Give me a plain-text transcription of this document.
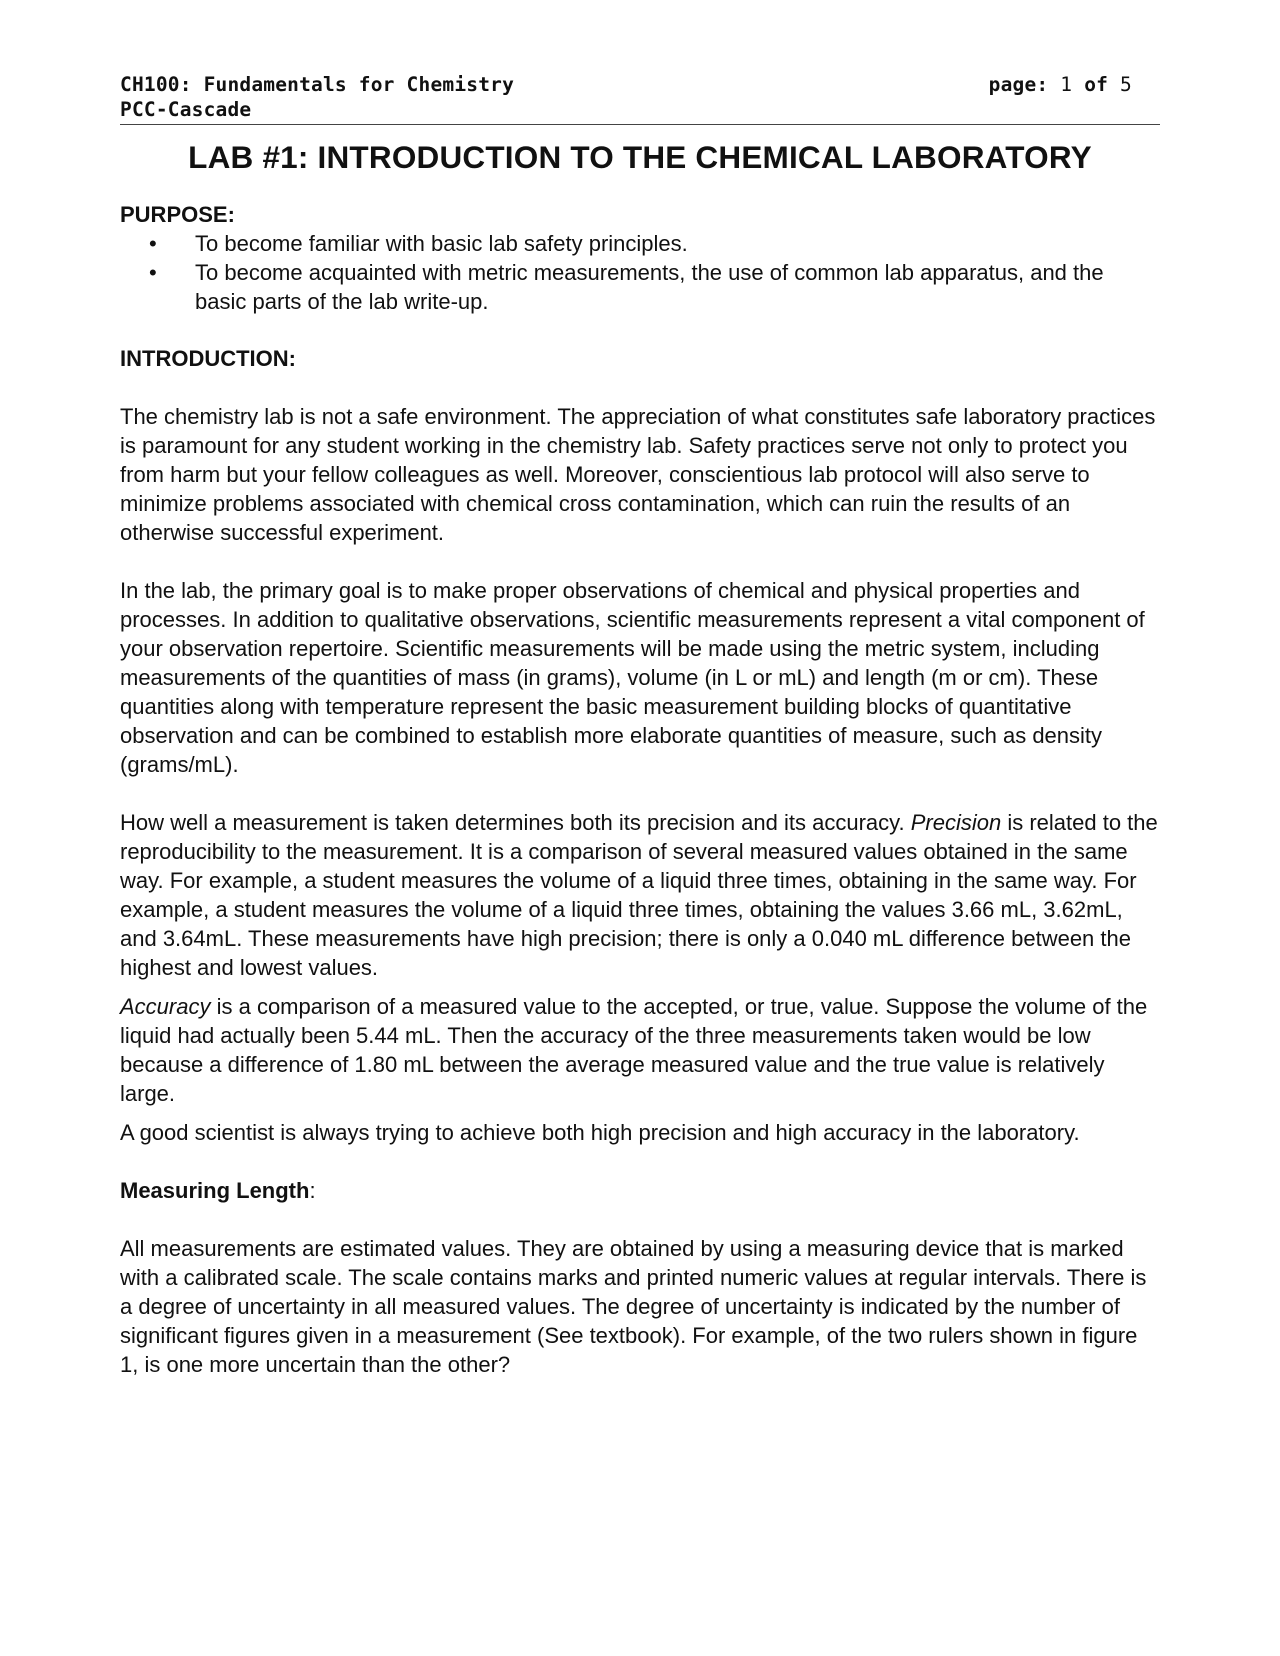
CH100: Fundamentals for Chemistry
PCC-Cascade
page: 1 of 5
LAB #1: INTRODUCTION TO THE CHEMICAL LABORATORY
PURPOSE:
• To become familiar with basic lab safety principles.
• To become acquainted with metric measurements, the use of common lab apparatus, and the basic parts of the lab write-up.
INTRODUCTION:

The chemistry lab is not a safe environment. The appreciation of what constitutes safe laboratory practices is paramount for any student working in the chemistry lab. Safety practices serve not only to protect you from harm but your fellow colleagues as well. Moreover, conscientious lab protocol will also serve to minimize problems associated with chemical cross contamination, which can ruin the results of an otherwise successful experiment.

In the lab, the primary goal is to make proper observations of chemical and physical properties and processes. In addition to qualitative observations, scientific measurements represent a vital component of your observation repertoire. Scientific measurements will be made using the metric system, including measurements of the quantities of mass (in grams), volume (in L or mL) and length (m or cm). These quantities along with temperature represent the basic measurement building blocks of quantitative observation and can be combined to establish more elaborate quantities of measure, such as density (grams/mL).

How well a measurement is taken determines both its precision and its accuracy. Precision is related to the reproducibility to the measurement. It is a comparison of several measured values obtained in the same way. For example, a student measures the volume of a liquid three times, obtaining in the same way. For example, a student measures the volume of a liquid three times, obtaining the values 3.66 mL, 3.62mL, and 3.64mL. These measurements have high precision; there is only a 0.040 mL difference between the highest and lowest values.

Accuracy is a comparison of a measured value to the accepted, or true, value. Suppose the volume of the liquid had actually been 5.44 mL. Then the accuracy of the three measurements taken would be low because a difference of 1.80 mL between the average measured value and the true value is relatively large.

A good scientist is always trying to achieve both high precision and high accuracy in the laboratory.

Measuring Length:

All measurements are estimated values. They are obtained by using a measuring device that is marked with a calibrated scale. The scale contains marks and printed numeric values at regular intervals. There is a degree of uncertainty in all measured values. The degree of uncertainty is indicated by the number of significant figures given in a measurement (See textbook). For example, of the two rulers shown in figure 1, is one more uncertain than the other?
